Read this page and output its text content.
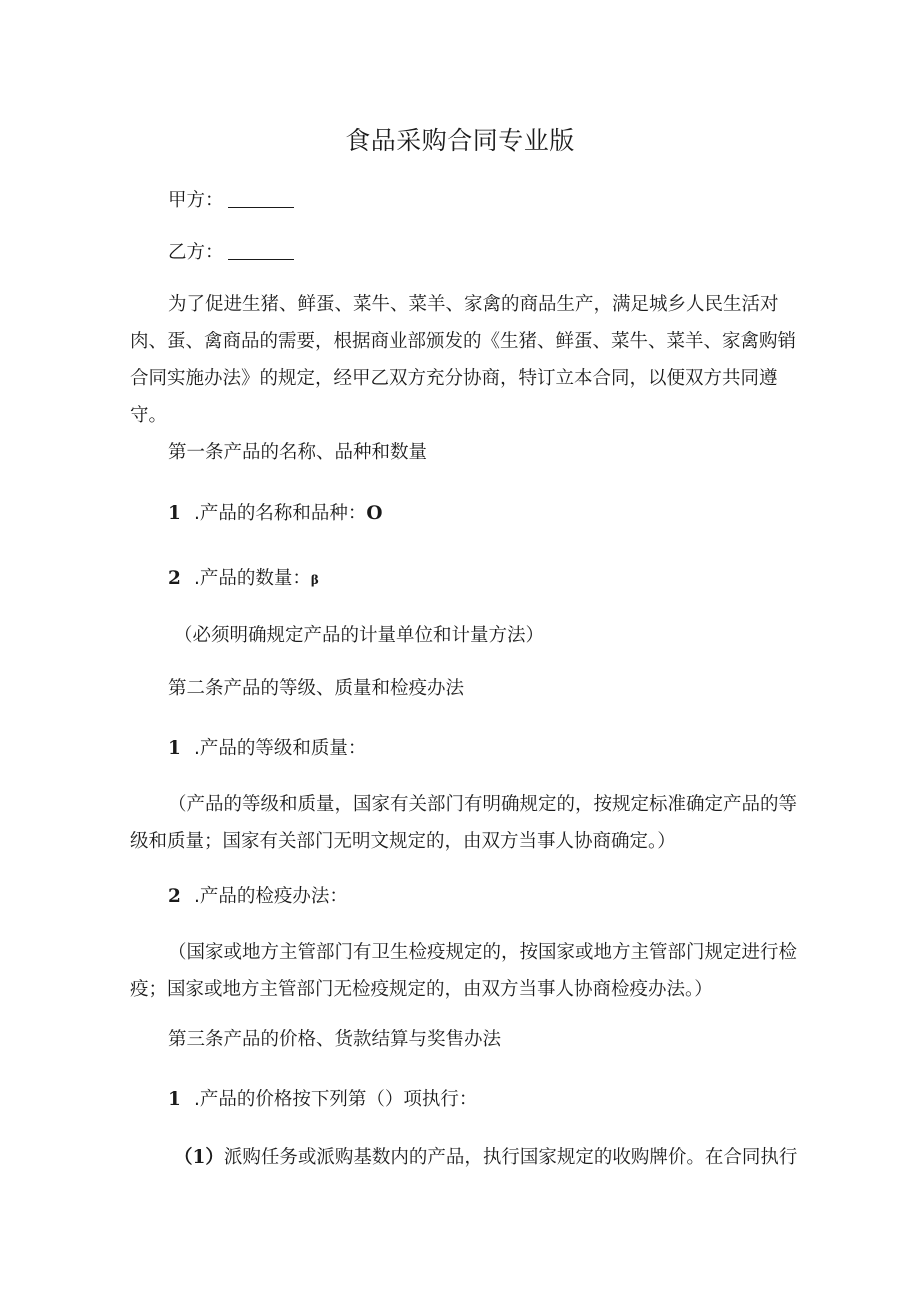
食品采购合同专业版
甲方：
乙方：
为了促进生猪、鲜蛋、菜牛、菜羊、家禽的商品生产，满足城乡人民生活对肉、蛋、禽商品的需要，根据商业部颁发的《生猪、鲜蛋、菜牛、菜羊、家禽购销合同实施办法》的规定，经甲乙双方充分协商，特订立本合同，以便双方共同遵守。
第一条产品的名称、品种和数量
1 .产品的名称和品种：O
2 .产品的数量：β
（必须明确规定产品的计量单位和计量方法）
第二条产品的等级、质量和检疫办法
1 .产品的等级和质量：
（产品的等级和质量，国家有关部门有明确规定的，按规定标准确定产品的等级和质量；国家有关部门无明文规定的，由双方当事人协商确定。）
2 .产品的检疫办法：
（国家或地方主管部门有卫生检疫规定的，按国家或地方主管部门规定进行检疫；国家或地方主管部门无检疫规定的，由双方当事人协商检疫办法。）
第三条产品的价格、货款结算与奖售办法
1 .产品的价格按下列第（）项执行：
（1）派购任务或派购基数内的产品，执行国家规定的收购牌价。在合同执行
